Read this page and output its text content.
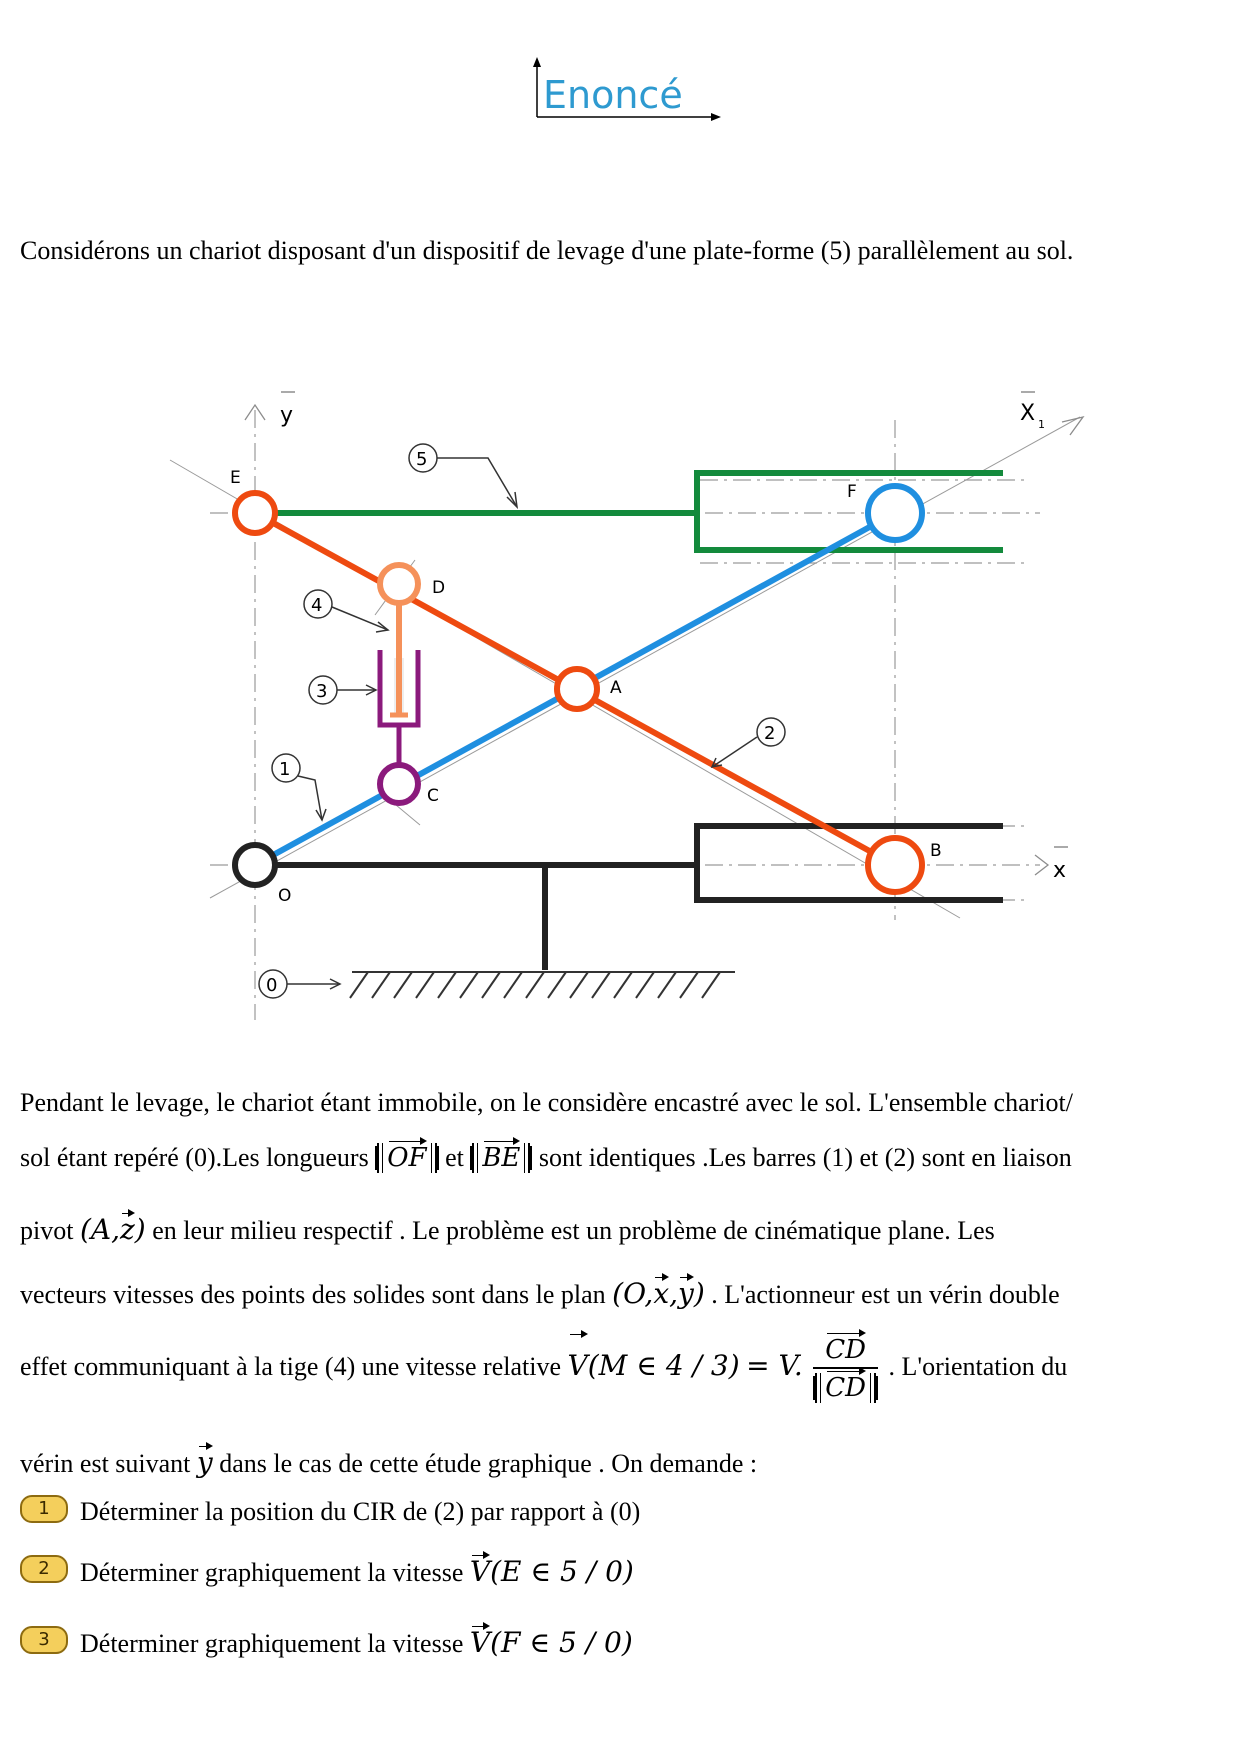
Enoncé
Considérons un chariot disposant d'un dispositif de levage d'une plate-forme (5) parallèlement au sol.
y
x
X 1
E
F
D
A
C
B
O
5
4
3
1
2
0
Pendant le levage, le chariot étant immobile, on le considère encastré avec le sol. L'ensemble chariot/
sol étant repéré (0).Les longueurs OF et BE sont identiques .Les barres (1) et (2) sont en liaison
pivot (A,z) en leur milieu respectif . Le problème est un problème de cinématique plane. Les
vecteurs vitesses des points des solides sont dans le plan (O,x,y) . L'actionneur est un vérin double
effet communiquant à la tige (4) une vitesse relative V(M ∈ 4 / 3) = V. $\frac{CD}{CD}$ . L'orientation du
vérin est suivant y dans le cas de cette étude graphique . On demande :
1	Déterminer la position du CIR de (2) par rapport à (0)
2	Déterminer graphiquement la vitesse V(E ∈ 5 / 0)
3	Déterminer graphiquement la vitesse V(F ∈ 5 / 0)
